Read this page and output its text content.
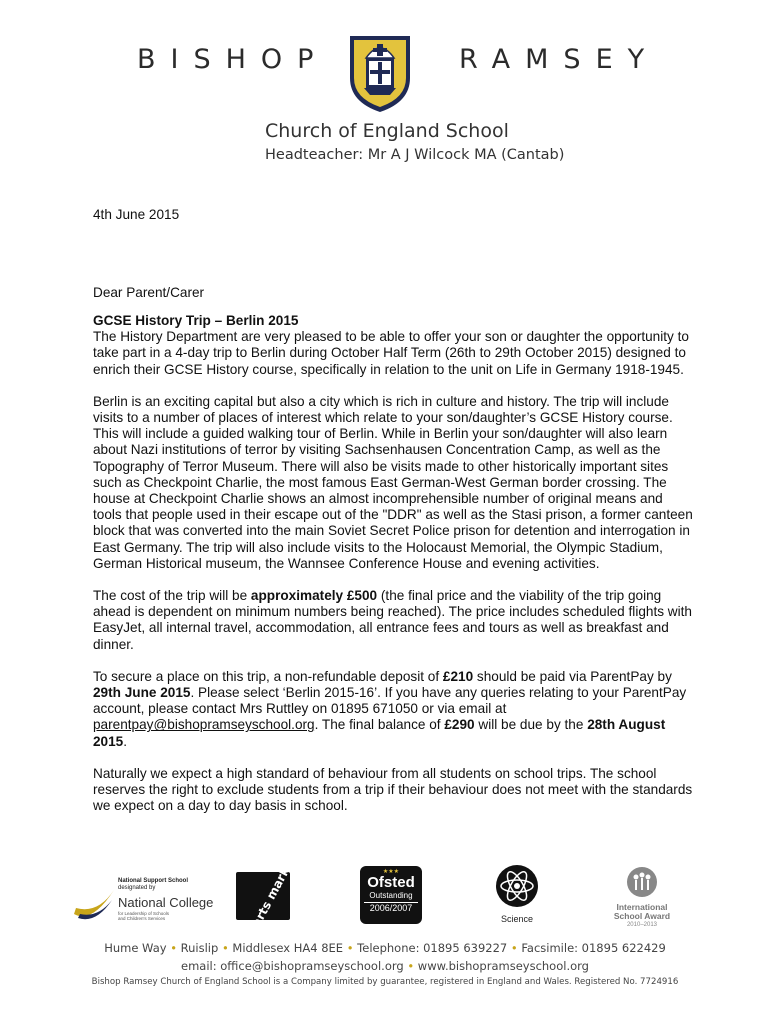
BISHOP	RAMSEY
Church of England School
Headteacher: Mr A J Wilcock MA (Cantab)
4th June 2015
Dear Parent/Carer

GCSE History Trip – Berlin 2015
The History Department are very pleased to be able to offer your son or daughter the opportunity to take part in a 4-day trip to Berlin during October Half Term (26th to 29th October 2015) designed to enrich their GCSE History course, specifically in relation to the unit on Life in Germany 1918-1945.

Berlin is an exciting capital but also a city which is rich in culture and history. The trip will include visits to a number of places of interest which relate to your son/daughter’s GCSE History course. This will include a guided walking tour of Berlin. While in Berlin your son/daughter will also learn about Nazi institutions of terror by visiting Sachsenhausen Concentration Camp, as well as the Topography of Terror Museum. There will also be visits made to other historically important sites such as Checkpoint Charlie, the most famous East German-West German border crossing. The house at Checkpoint Charlie shows an almost incomprehensible number of original means and tools that people used in their escape out of the "DDR" as well as the Stasi prison, a former canteen block that was converted into the main Soviet Secret Police prison for detention and interrogation in East Germany. The trip will also include visits to the Holocaust Memorial, the Olympic Stadium, German Historical museum, the Wannsee Conference House and evening activities.

The cost of the trip will be approximately £500 (the final price and the viability of the trip going ahead is dependent on minimum numbers being reached). The price includes scheduled flights with EasyJet, all internal travel, accommodation, all entrance fees and tours as well as breakfast and dinner.

To secure a place on this trip, a non-refundable deposit of £210 should be paid via ParentPay by 29th June 2015. Please select ‘Berlin 2015-16’. If you have any queries relating to your ParentPay account, please contact Mrs Ruttley on 01895 671050 or via email at parentpay@bishopramseyschool.org. The final balance of £290 will be due by the 28th August 2015.

Naturally we expect a high standard of behaviour from all students on school trips. The school reserves the right to exclude students from a trip if their behaviour does not meet with the standards we expect on a day to day basis in school.

National Support School
designated by
National College
for Leadership of Schools
and Children's Services	arts mark	★★★
Ofsted
Outstanding
2006/2007
Science
International
School Award
2010–2013
Hume Way • Ruislip • Middlesex HA4 8EE • Telephone: 01895 639227 • Facsimile: 01895 622429
email: office@bishopramseyschool.org • www.bishopramseyschool.org
Bishop Ramsey Church of England School is a Company limited by guarantee, registered in England and Wales. Registered No. 7724916
